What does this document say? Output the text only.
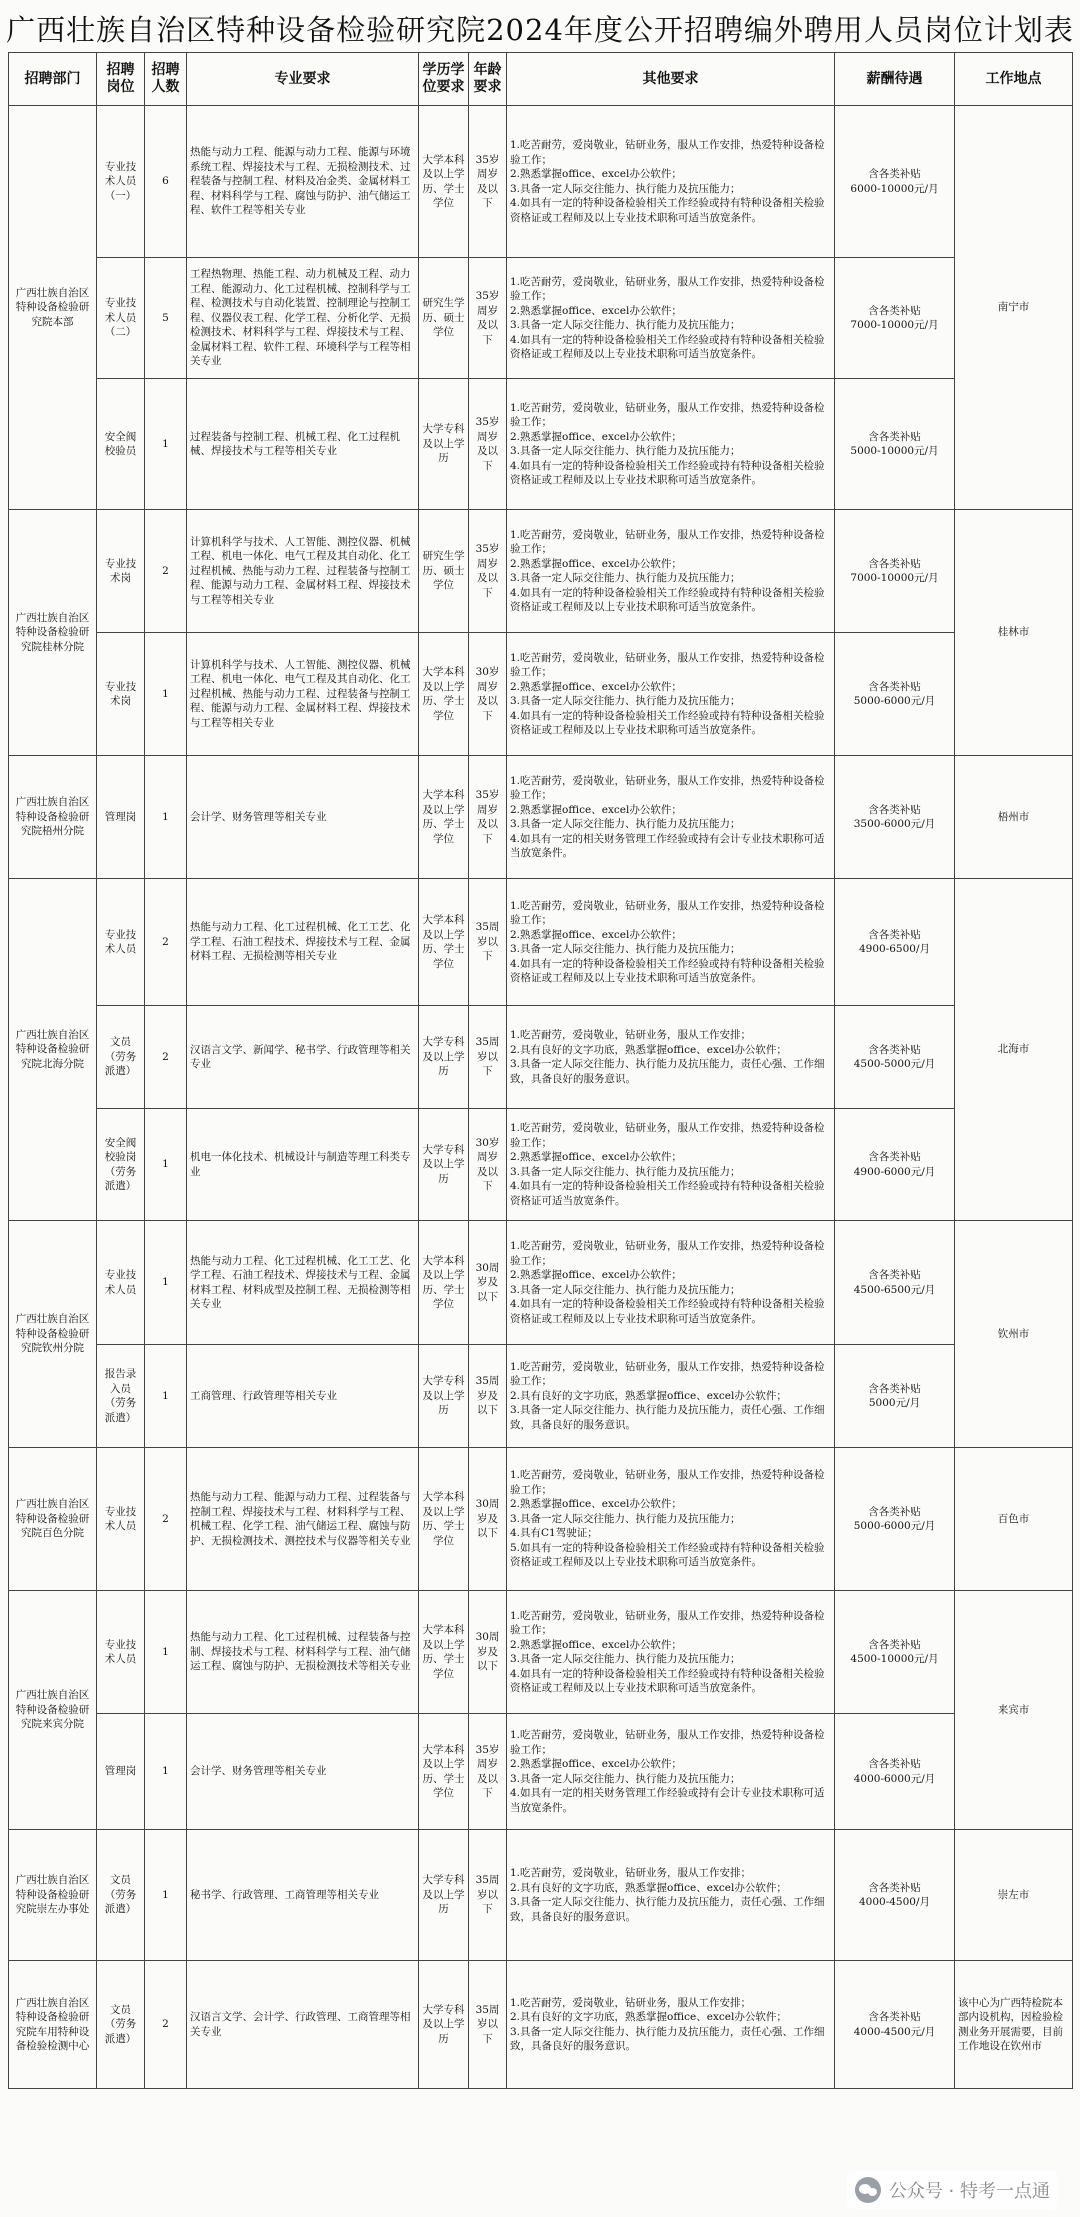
广西壮族自治区特种设备检验研究院2024年度公开招聘编外聘用人员岗位计划表
招聘部门	招聘岗位	招聘人数	专业要求	学历学位要求	年龄要求	其他要求	薪酬待遇	工作地点
广西壮族自治区特种设备检验研究院本部	专业技术人员（一）	6	热能与动力工程、能源与动力工程、能源与环境系统工程、焊接技术与工程、无损检测技术、过程装备与控制工程、材料及冶金类、金属材料工程、材料科学与工程、腐蚀与防护、油气储运工程、软件工程等相关专业	大学本科及以上学历、学士学位	35岁周岁及以下	1.吃苦耐劳，爱岗敬业，钻研业务，服从工作安排，热爱特种设备检验工作；
2.熟悉掌握office、excel办公软件；
3.具备一定人际交往能力、执行能力及抗压能力；
4.如具有一定的特种设备检验相关工作经验或持有特种设备相关检验资格证或工程师及以上专业技术职称可适当放宽条件。	含各类补贴
6000-10000元/月	南宁市
	专业技术人员（二）	5	工程热物理、热能工程、动力机械及工程、动力工程、能源动力、化工过程机械、控制科学与工程、检测技术与自动化装置、控制理论与控制工程、仪器仪表工程、化学工程、分析化学、无损检测技术、材料科学与工程、焊接技术与工程、金属材料工程、软件工程、环境科学与工程等相关专业	研究生学历、硕士学位	35岁周岁及以下	1.吃苦耐劳，爱岗敬业，钻研业务，服从工作安排，热爱特种设备检验工作；
2.熟悉掌握office、excel办公软件；
3.具备一定人际交往能力、执行能力及抗压能力；
4.如具有一定的特种设备检验相关工作经验或持有特种设备相关检验资格证或工程师及以上专业技术职称可适当放宽条件。	含各类补贴
7000-10000元/月	
	安全阀校验员	1	过程装备与控制工程、机械工程、化工过程机械、焊接技术与工程等相关专业	大学专科及以上学历	35岁周岁及以下	1.吃苦耐劳，爱岗敬业，钻研业务，服从工作安排，热爱特种设备检验工作；
2.熟悉掌握office、excel办公软件；
3.具备一定人际交往能力、执行能力及抗压能力；
4.如具有一定的特种设备检验相关工作经验或持有特种设备相关检验资格证或工程师及以上专业技术职称可适当放宽条件。	含各类补贴
5000-10000元/月	
广西壮族自治区特种设备检验研究院桂林分院	专业技术岗	2	计算机科学与技术、人工智能、测控仪器、机械工程、机电一体化、电气工程及其自动化、化工过程机械、热能与动力工程、过程装备与控制工程、能源与动力工程、金属材料工程、焊接技术与工程等相关专业	研究生学历、硕士学位	35岁周岁及以下	1.吃苦耐劳，爱岗敬业，钻研业务，服从工作安排，热爱特种设备检验工作；
2.熟悉掌握office、excel办公软件；
3.具备一定人际交往能力、执行能力及抗压能力；
4.如具有一定的特种设备检验相关工作经验或持有特种设备相关检验资格证或工程师及以上专业技术职称可适当放宽条件。	含各类补贴
7000-10000元/月	桂林市
	专业技术岗	1	计算机科学与技术、人工智能、测控仪器、机械工程、机电一体化、电气工程及其自动化、化工过程机械、热能与动力工程、过程装备与控制工程、能源与动力工程、金属材料工程、焊接技术与工程等相关专业	大学本科及以上学历、学士学位	30岁周岁及以下	1.吃苦耐劳，爱岗敬业，钻研业务，服从工作安排，热爱特种设备检验工作；
2.熟悉掌握office、excel办公软件；
3.具备一定人际交往能力、执行能力及抗压能力；
4.如具有一定的特种设备检验相关工作经验或持有特种设备相关检验资格证或工程师及以上专业技术职称可适当放宽条件。	含各类补贴
5000-6000元/月	
广西壮族自治区特种设备检验研究院梧州分院	管理岗	1	会计学、财务管理等相关专业	大学本科及以上学历、学士学位	35岁周岁及以下	1.吃苦耐劳，爱岗敬业，钻研业务，服从工作安排，热爱特种设备检验工作；
2.熟悉掌握office、excel办公软件；
3.具备一定人际交往能力、执行能力及抗压能力；
4.如具有一定的相关财务管理工作经验或持有会计专业技术职称可适当放宽条件。	含各类补贴
3500-6000元/月	梧州市
广西壮族自治区特种设备检验研究院北海分院	专业技术人员	2	热能与动力工程、化工过程机械、化工工艺、化学工程、石油工程技术、焊接技术与工程、金属材料工程、无损检测等相关专业	大学本科及以上学历、学士学位	35周岁以下	1.吃苦耐劳，爱岗敬业，钻研业务，服从工作安排，热爱特种设备检验工作；
2.熟悉掌握office、excel办公软件；
3.具备一定人际交往能力、执行能力及抗压能力；
4.如具有一定的特种设备检验相关工作经验或持有特种设备相关检验资格证或工程师及以上专业技术职称可适当放宽条件。	含各类补贴
4900-6500/月	北海市
	文员（劳务派遣）	2	汉语言文学、新闻学、秘书学、行政管理等相关专业	大学专科及以上学历	35周岁以下	1.吃苦耐劳，爱岗敬业，钻研业务，服从工作安排；
2.具有良好的文字功底，熟悉掌握office、excel办公软件；
3.具备一定人际交往能力、执行能力及抗压能力，责任心强、工作细致，具备良好的服务意识。	含各类补贴
4500-5000元/月	
	安全阀校验岗（劳务派遣）	1	机电一体化技术、机械设计与制造等理工科类专业	大学专科及以上学历	30岁周岁及以下	1.吃苦耐劳，爱岗敬业，钻研业务，服从工作安排，热爱特种设备检验工作；
2.熟悉掌握office、excel办公软件；
3.具备一定人际交往能力、执行能力及抗压能力；
4.如具有一定的特种设备检验相关工作经验或持有特种设备相关检验资格证可适当放宽条件。	含各类补贴
4900-6000元/月	
广西壮族自治区特种设备检验研究院钦州分院	专业技术人员	1	热能与动力工程、化工过程机械、化工工艺、化学工程、石油工程技术、焊接技术与工程、金属材料工程、材料成型及控制工程、无损检测等相关专业	大学本科及以上学历、学士学位	30周岁及以下	1.吃苦耐劳，爱岗敬业，钻研业务，服从工作安排，热爱特种设备检验工作；
2.熟悉掌握office、excel办公软件；
3.具备一定人际交往能力、执行能力及抗压能力；
4.如具有一定的特种设备检验相关工作经验或持有特种设备相关检验资格证或工程师及以上专业技术职称可适当放宽条件。	含各类补贴
4500-6500元/月	钦州市
	报告录入员（劳务派遣）	1	工商管理、行政管理等相关专业	大学专科及以上学历	35周岁及以下	1.吃苦耐劳，爱岗敬业，钻研业务，服从工作安排，热爱特种设备检验工作；
2.具有良好的文字功底，熟悉掌握office、excel办公软件；
3.具备一定人际交往能力、执行能力及抗压能力，责任心强、工作细致，具备良好的服务意识。	含各类补贴
5000元/月	
广西壮族自治区特种设备检验研究院百色分院	专业技术人员	2	热能与动力工程、能源与动力工程、过程装备与控制工程、焊接技术与工程、材料科学与工程、机械工程、化学工程、油气储运工程、腐蚀与防护、无损检测技术、测控技术与仪器等相关专业	大学本科及以上学历、学士学位	30周岁及以下	1.吃苦耐劳，爱岗敬业，钻研业务，服从工作安排，热爱特种设备检验工作；
2.熟悉掌握office、excel办公软件；
3.具备一定人际交往能力、执行能力及抗压能力；
4.具有C1驾驶证；
5.如具有一定的特种设备检验相关工作经验或持有特种设备相关检验资格证或工程师及以上专业技术职称可适当放宽条件。	含各类补贴
5000-6000元/月	百色市
广西壮族自治区特种设备检验研究院来宾分院	专业技术人员	1	热能与动力工程、化工过程机械、过程装备与控制、焊接技术与工程、材料科学与工程、油气储运工程、腐蚀与防护、无损检测技术等相关专业	大学本科及以上学历、学士学位	30周岁及以下	1.吃苦耐劳，爱岗敬业，钻研业务，服从工作安排，热爱特种设备检验工作；
2.熟悉掌握office、excel办公软件；
3.具备一定人际交往能力、执行能力及抗压能力；
4.如具有一定的特种设备检验相关工作经验或持有特种设备相关检验资格证或工程师及以上专业技术职称可适当放宽条件。	含各类补贴
4500-10000元/月	来宾市
	管理岗	1	会计学、财务管理等相关专业	大学本科及以上学历、学士学位	35岁周岁及以下	1.吃苦耐劳，爱岗敬业，钻研业务，服从工作安排，热爱特种设备检验工作；
2.熟悉掌握office、excel办公软件；
3.具备一定人际交往能力、执行能力及抗压能力；
4.如具有一定的相关财务管理工作经验或持有会计专业技术职称可适当放宽条件。	含各类补贴
4000-6000元/月	
广西壮族自治区特种设备检验研究院崇左办事处	文员（劳务派遣）	1	秘书学、行政管理、工商管理等相关专业	大学专科及以上学历	35周岁以下	1.吃苦耐劳，爱岗敬业，钻研业务，服从工作安排；
2.具有良好的文字功底，熟悉掌握office、excel办公软件；
3.具备一定人际交往能力、执行能力及抗压能力，责任心强、工作细致，具备良好的服务意识。	含各类补贴
4000-4500/月	崇左市
广西壮族自治区特种设备检验研究院车用特种设备检验检测中心	文员（劳务派遣）	2	汉语言文学、会计学、行政管理、工商管理等相关专业	大学专科及以上学历	35周岁以下	1.吃苦耐劳，爱岗敬业，钻研业务，服从工作安排；
2.具有良好的文字功底，熟悉掌握office、excel办公软件；
3.具备一定人际交往能力、执行能力及抗压能力，责任心强、工作细致，具备良好的服务意识。	含各类补贴
4000-4500元/月	该中心为广西特检院本部内设机构，因检验检测业务开展需要，目前工作地设在钦州市
公众号 · 特考一点通
